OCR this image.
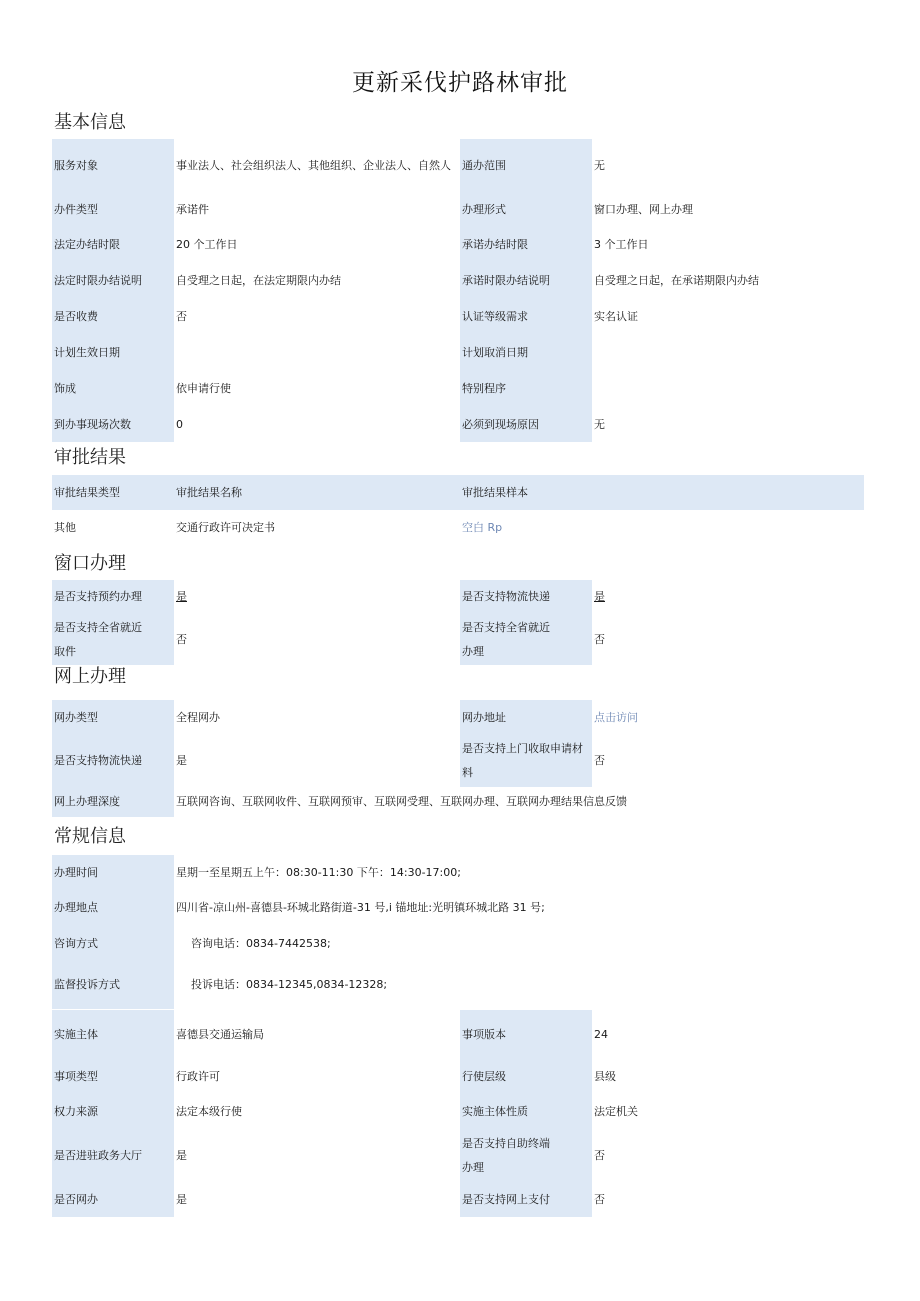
更新采伐护路林审批
基本信息
服务对象	事业法人、社会组织法人、其他组织、企业法人、自然人	通办范围	无
办件类型	承诺件	办理形式	窗口办理、网上办理
法定办结时限	20 个工作日	承诺办结时限	3 个工作日
法定时限办结说明	自受理之日起，在法定期限内办结	承诺时限办结说明	自受理之日起，在承诺期限内办结
是否收费	否	认证等级需求	实名认证
计划生效日期		计划取消日期	
饰成	依申请行使	特别程序	
到办事现场次数	0	必须到现场原因	无
审批结果
审批结果类型	审批结果名称	审批结果样本	
其他	交通行政许可决定书	空白 Rp	
窗口办理
是否支持预约办理	是	是否支持物流快递	是
是否支持全省就近取件	否	是否支持全省就近办理	否
网上办理
网办类型	全程网办	网办地址	点击访问
是否支持物流快递	是	是否支持上门收取申请材料	否
网上办理深度	互联网咨询、互联网收件、互联网预审、互联网受理、互联网办理、互联网办理结果信息反馈		
常规信息
办理时间	星期一至星期五上午：08:30-11:30 下午：14:30-17:00;
办理地点	四川省-凉山州-喜德县-环城北路街道-31 号,i 锚地址:光明镇环城北路 31 号;
咨询方式	咨询电话：0834-7442538;
监督投诉方式	投诉电话：0834-12345,0834-12328;
实施主体	喜德县交通运输局	事项版本	24
事项类型	行政许可	行使层级	县级
权力来源	法定本级行使	实施主体性质	法定机关
是否进驻政务大厅	是	是否支持自助终端办理	否
是否网办	是	是否支持网上支付	否
